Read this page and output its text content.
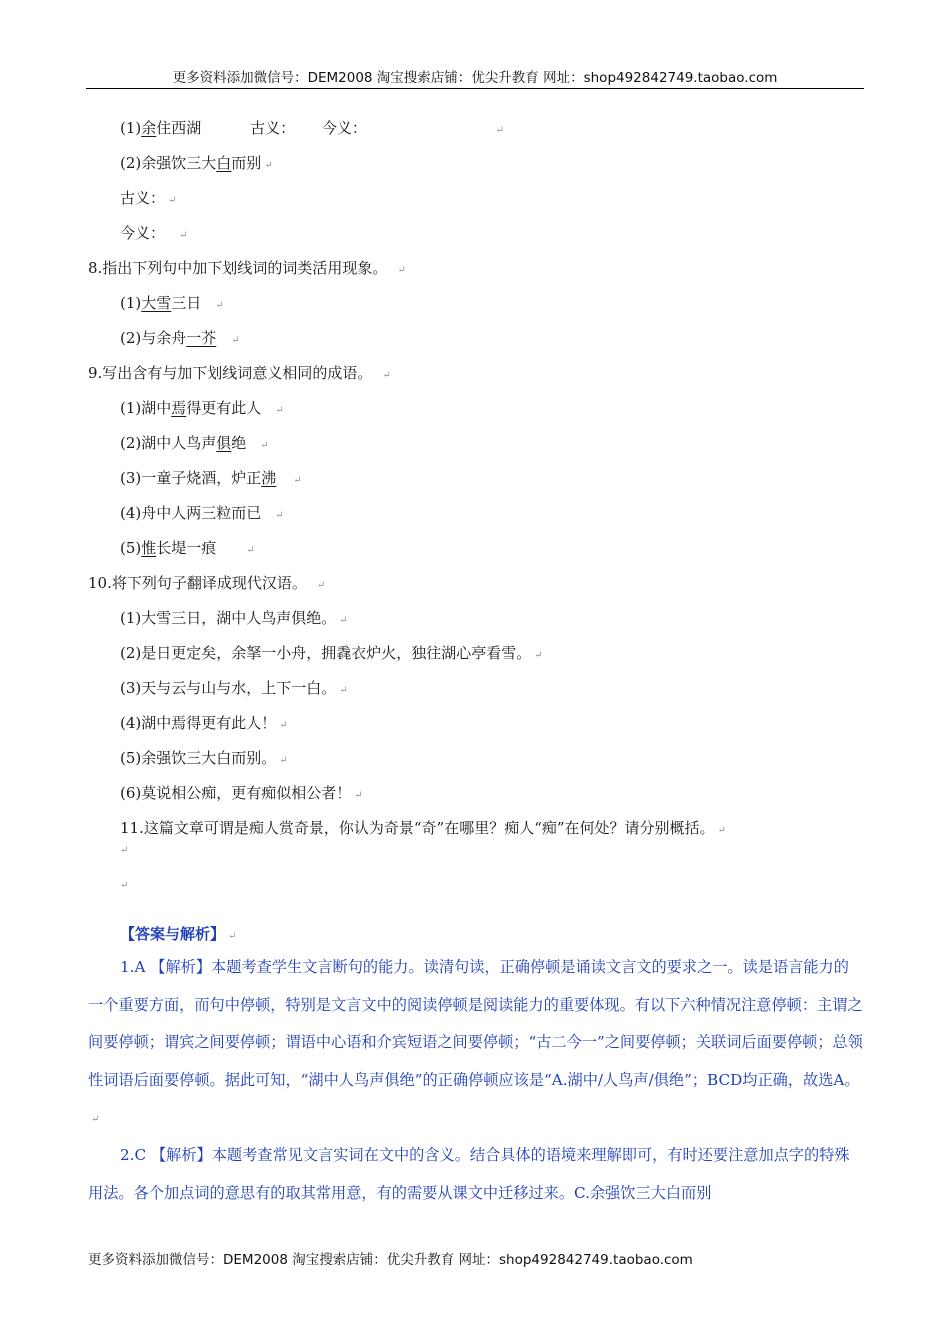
更多资料添加微信号：DEM2008 淘宝搜索店铺：优尖升教育 网址：shop492842749.taobao.com
(1)余住西湖	古义： 今义：	↵
(2)余强饮三大白而别 ↵
古义： ↵
今义： ↵
8.指出下列句中加下划线词的词类活用现象。 ↵
(1)大雪三日 ↵
(2)与余舟一芥 ↵
9.写出含有与加下划线词意义相同的成语。 ↵
(1)湖中焉得更有此人 ↵
(2)湖中人鸟声俱绝 ↵
(3)一童子烧酒，炉正沸 ↵
(4)舟中人两三粒而已 ↵
(5)惟长堤一痕	↵
10.将下列句子翻译成现代汉语。 ↵
(1)大雪三日，湖中人鸟声俱绝。 ↵
(2)是日更定矣，余拏一小舟，拥毳衣炉火，独往湖心亭看雪。 ↵
(3)天与云与山与水，上下一白。 ↵
(4)湖中焉得更有此人！ ↵
(5)余强饮三大白而别。 ↵
(6)莫说相公痴，更有痴似相公者！ ↵
11.这篇文章可谓是痴人赏奇景，你认为奇景“奇”在哪里？痴人“痴”在何处？请分别概括。 ↵
↵
↵
【答案与解析】 ↵
1.A 【解析】本题考查学生文言断句的能力。读清句读，正确停顿是诵读文言文的要求之一。读是语言能力的一个重要方面，而句中停顿，特别是文言文中的阅读停顿是阅读能力的重要体现。有以下六种情况注意停顿：主谓之间要停顿；谓宾之间要停顿；谓语中心语和介宾短语之间要停顿；“古二今一”之间要停顿；关联词后面要停顿；总领性词语后面要停顿。据此可知，“湖中人鸟声俱绝”的正确停顿应该是“A.湖中/人鸟声/俱绝”；BCD均正确，故选A。↵
2.C 【解析】本题考查常见文言实词在文中的含义。结合具体的语境来理解即可，有时还要注意加点字的特殊用法。各个加点词的意思有的取其常用意，有的需要从课文中迁移过来。C.余强饮三大白而别
更多资料添加微信号：DEM2008 淘宝搜索店铺：优尖升教育 网址：shop492842749.taobao.com
